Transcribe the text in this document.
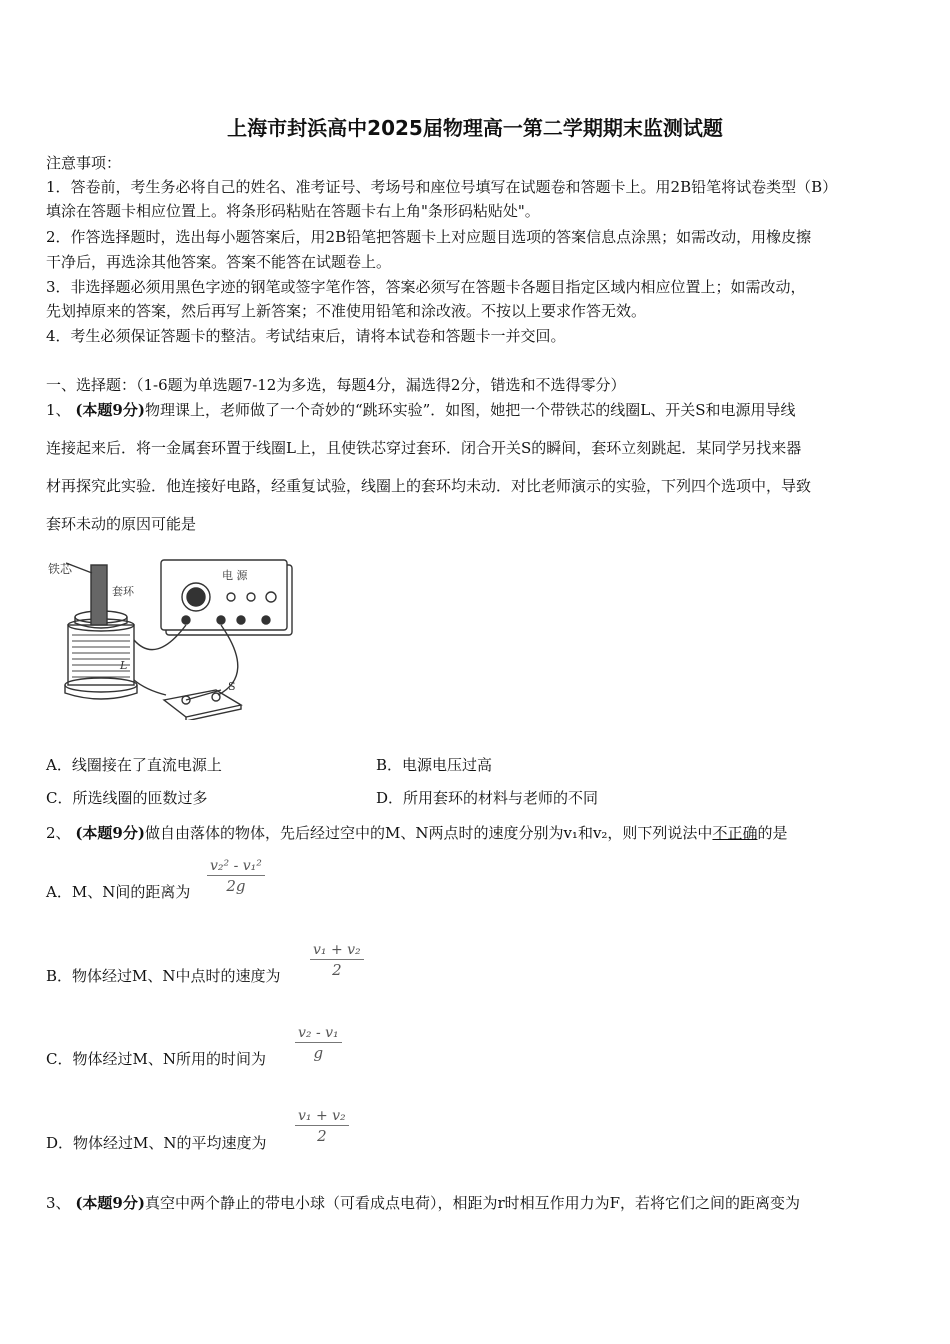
上海市封浜高中2025届物理高一第二学期期末监测试题
注意事项：
1．答卷前，考生务必将自己的姓名、准考证号、考场号和座位号填写在试题卷和答题卡上。用2B铅笔将试卷类型（B）
填涂在答题卡相应位置上。将条形码粘贴在答题卡右上角"条形码粘贴处"。
2．作答选择题时，选出每小题答案后，用2B铅笔把答题卡上对应题目选项的答案信息点涂黑；如需改动，用橡皮擦
干净后，再选涂其他答案。答案不能答在试题卷上。
3．非选择题必须用黑色字迹的钢笔或签字笔作答，答案必须写在答题卡各题目指定区域内相应位置上；如需改动，
先划掉原来的答案，然后再写上新答案；不准使用铅笔和涂改液。不按以上要求作答无效。
4．考生必须保证答题卡的整洁。考试结束后，请将本试卷和答题卡一并交回。
一、选择题：（1-6题为单选题7-12为多选，每题4分，漏选得2分，错选和不选得零分）
1、 (本题9分)物理课上，老师做了一个奇妙的“跳环实验”．如图，她把一个带铁芯的线圈L、开关S和电源用导线
连接起来后．将一金属套环置于线圈L上，且使铁芯穿过套环．闭合开关S的瞬间，套环立刻跳起．某同学另找来器
材再探究此实验．他连接好电路，经重复试验，线圈上的套环均未动．对比老师演示的实验，下列四个选项中，导致
套环未动的原因可能是
铁芯
套环
电 源
L
S
A．线圈接在了直流电源上	B．电源电压过高
C．所选线圈的匝数过多	D．所用套环的材料与老师的不同
2、 (本题9分)做自由落体的物体，先后经过空中的M、N两点时的速度分别为v₁和v₂，则下列说法中不正确的是
A．M、N间的距离为
v₂² - v₁²
2g
B．物体经过M、N中点时的速度为
v₁ + v₂
2
C．物体经过M、N所用的时间为
v₂ - v₁
g
D．物体经过M、N的平均速度为
v₁ + v₂
2
3、 (本题9分)真空中两个静止的带电小球（可看成点电荷），相距为r时相互作用力为F，若将它们之间的距离变为
